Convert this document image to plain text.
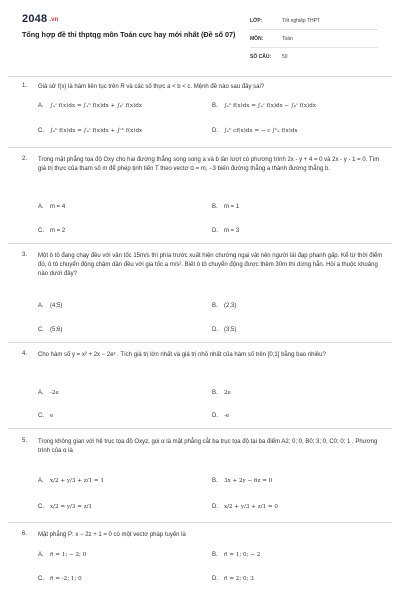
2048 .vn
Tổng hợp đề thi thptqg môn Toán cực hay mới nhất (Đề số 07)
LỚP:	Tốt nghiệp THPT
MÔN:	Toán
SỐ CÂU:	50
1. Giả sử f(x) là hàm liên tục trên R và các số thực a < b < c. Mệnh đề nào sau đây sai?
A. ∫ₐᶜ f(x)dx = ∫ₐᵇ f(x)dx + ∫ᵦᶜ f(x)dx	B. ∫ₐᵇ f(x)dx = ∫ₐᶜ f(x)dx − ∫ᵦᶜ f(x)dx
C. ∫ₐᵇ f(x)dx = ∫ₐᶜ f(x)dx + ∫ᶜᵇ f(x)dx	D. ∫ₐᵇ cf(x)dx = − c ∫ᵇₐ f(x)dx
2. Trong mặt phẳng tọa độ Oxy cho hai đường thẳng song song a và b lần lượt có phương trình 2x - y + 4 = 0 và 2x - y - 1 = 0. Tìm giá trị thực của tham số m để phép tịnh tiến T theo vectơ u⃗ = m; −3 biến đường thẳng a thành đường thẳng b.
A. m = 4	B. m = 1
C. m = 2	D. m = 3
3. Một ô tô đang chạy đều với vận tốc 15m/s thì phía trước xuất hiện chướng ngại vật nên người lái đạp phanh gấp. Kể từ thời điểm đó, ô tô chuyển động chậm dần đều với gia tốc a m/s². Biết ô tô chuyển động được thêm 30m thì dừng hẳn. Hỏi a thuộc khoảng nào dưới đây?
A. (4;5)	B. (2;3)
C. (5;6)	D. (3;5)
4. Cho hàm số y = x² + 2x − 2eˣ . Tích giá trị lớn nhất và giá trị nhỏ nhất của hàm số trên [0;1] bằng bao nhiêu?
A. -2e	B. 2e
C. e	D. -e
5. Trong không gian với hệ trục tọa độ Oxyz, gọi α là mặt phẳng cắt ba trục tọa độ tại ba điểm A2; 0; 0, B0; 3; 0, C0; 0; 1 . Phương trình của α là
A. x/2 + y/3 + z/1 = 1	B. 3x + 2y − 6z = 0
C. x/2 = y/3 = z/1	D. x/2 + y/3 + z/1 = 0
6. Mặt phẳng P: x − 2z + 1 = 0 có một vectơ pháp tuyến là
A. n⃗ = 1; − 2; 0	B. n⃗ = 1; 0; − 2
C. n⃗ = -2; 1; 0	D. n⃗ = 2; 0; 3
